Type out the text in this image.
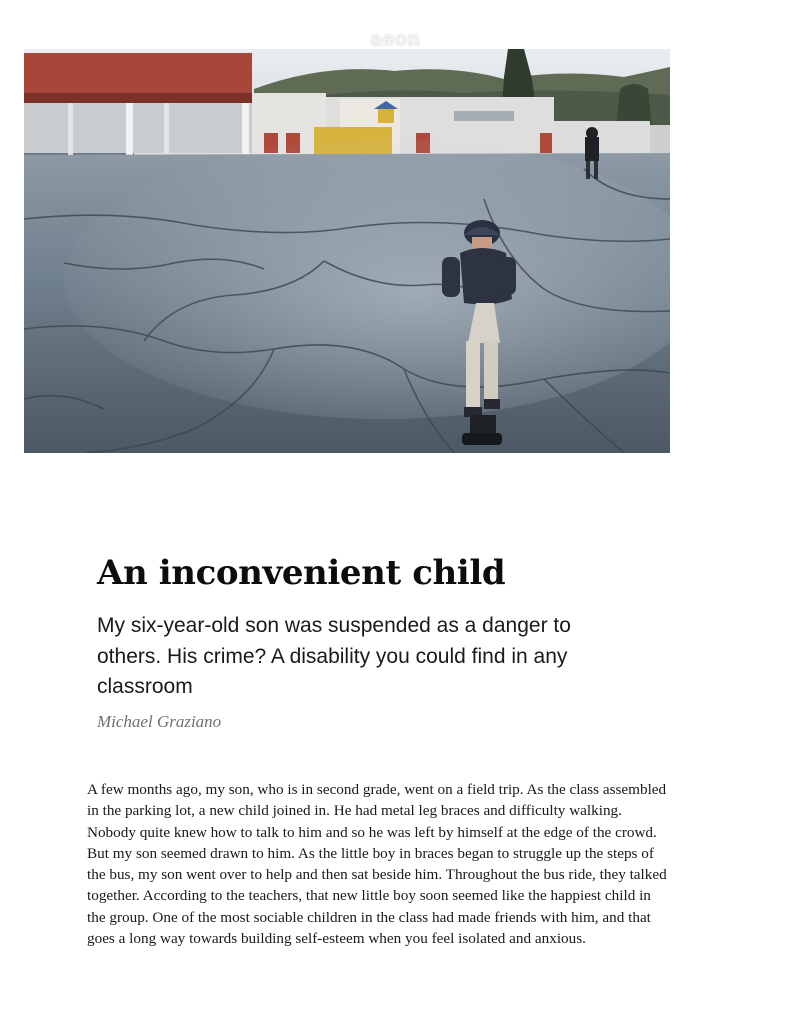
aeon
An inconvenient child

My six-year-old son was suspended as a danger to others. His crime? A disability you could find in any classroom

Michael Graziano

A few months ago, my son, who is in second grade, went on a field trip. As the class assembled in the parking lot, a new child joined in. He had metal leg braces and difficulty walking. Nobody quite knew how to talk to him and so he was left by himself at the edge of the crowd. But my son seemed drawn to him. As the little boy in braces began to struggle up the steps of the bus, my son went over to help and then sat beside him. Throughout the bus ride, they talked together. According to the teachers, that new little boy soon seemed like the happiest child in the group. One of the most sociable children in the class had made friends with him, and that goes a long way towards building self-esteem when you feel isolated and anxious.
